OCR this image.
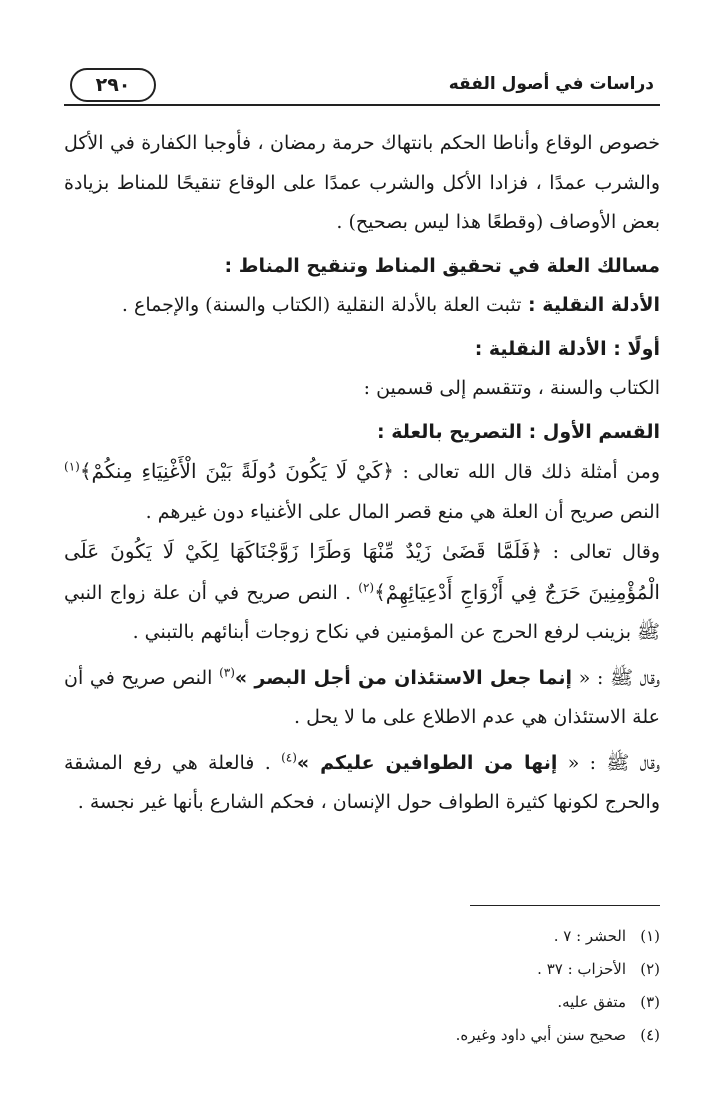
٢٩٠	دراسات في أصول الفقه

خصوص الوقاع وأناطا الحكم بانتهاك حرمة رمضان ، فأوجبا الكفارة في الأكل والشرب عمدًا ، فزادا الأكل والشرب عمدًا على الوقاع تنقيحًا للمناط بزيادة بعض الأوصاف (وقطعًا هذا ليس بصحيح) .

مسالك العلة في تحقيق المناط وتنقيح المناط :

الأدلة النقلية : تثبت العلة بالأدلة النقلية (الكتاب والسنة) والإجماع .

أولًا : الأدلة النقلية :

الكتاب والسنة ، وتتقسم إلى قسمين :

القسم الأول : التصريح بالعلة :

ومن أمثلة ذلك قال الله تعالى : ﴿كَيْ لَا يَكُونَ دُولَةً بَيْنَ الْأَغْنِيَاءِ مِنكُمْ﴾$^{(١)}$ النص صريح أن العلة هي منع قصر المال على الأغنياء دون غيرهم .

وقال تعالى : ﴿فَلَمَّا قَضَىٰ زَيْدٌ مِّنْهَا وَطَرًا زَوَّجْنَاكَهَا لِكَيْ لَا يَكُونَ عَلَى الْمُؤْمِنِينَ حَرَجٌ فِي أَزْوَاجِ أَدْعِيَائِهِمْ﴾$^{(٢)}$ . النص صريح في أن علة زواج النبي ﷺ بزينب لرفع الحرج عن المؤمنين في نكاح زوجات أبنائهم بالتبني .

وقال ﷺ : « إنما جعل الاستئذان من أجل البصر »$^{(٣)}$ النص صريح في أن علة الاستئذان هي عدم الاطلاع على ما لا يحل .

وقال ﷺ : « إنها من الطوافين عليكم »$^{(٤)}$ . فالعلة هي رفع المشقة والحرج لكونها كثيرة الطواف حول الإنسان ، فحكم الشارع بأنها غير نجسة .

(١)الحشر : ٧ .
(٢)الأحزاب : ٣٧ .
(٣)متفق عليه.
(٤)صحيح سنن أبي داود وغيره.
